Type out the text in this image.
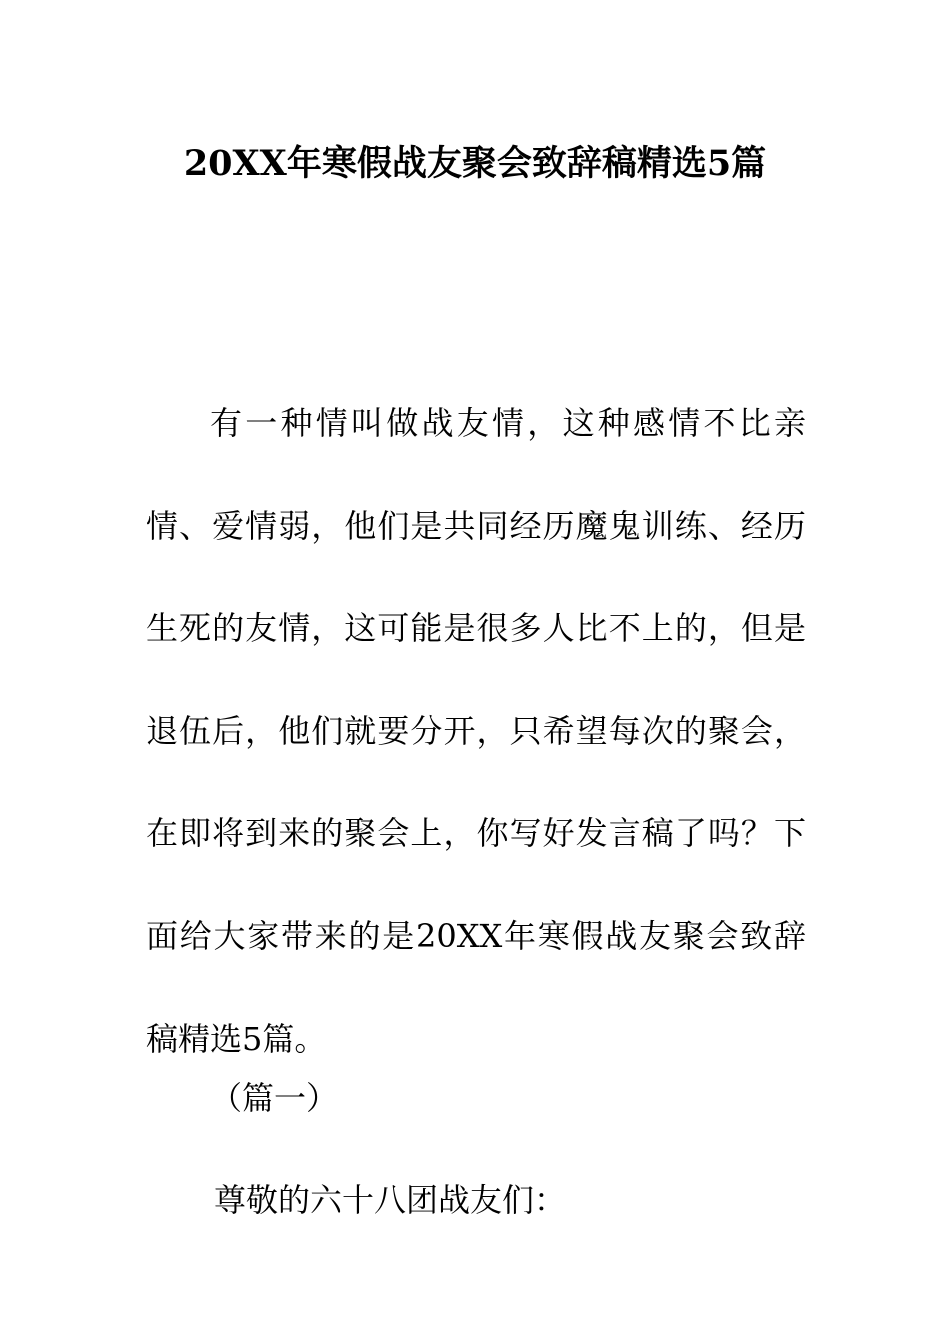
20XX年寒假战友聚会致辞稿精选5篇

有一种情叫做战友情，这种感情不比亲情、爱情弱，他们是共同经历魔鬼训练、经历生死的友情，这可能是很多人比不上的，但是退伍后，他们就要分开，只希望每次的聚会，在即将到来的聚会上，你写好发言稿了吗？下面给大家带来的是20XX年寒假战友聚会致辞稿精选5篇。

（篇一）

尊敬的六十八团战友们：
